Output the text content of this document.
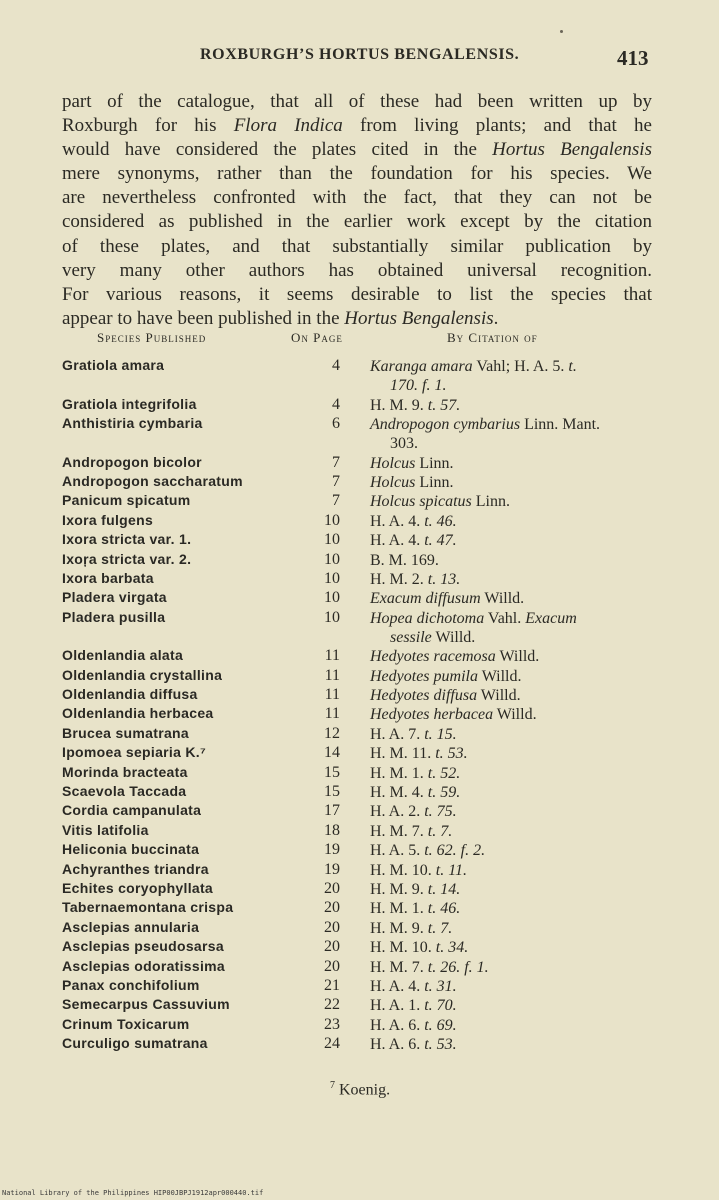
ROXBURGH’S HORTUS BENGALENSIS.	413
part of the catalogue, that all of these had been written up by
Roxburgh for his Flora Indica from living plants; and that he
would have considered the plates cited in the Hortus Bengalensis
mere synonyms, rather than the foundation for his species. We
are nevertheless confronted with the fact, that they can not be
considered as published in the earlier work except by the citation
of these plates, and that substantially similar publication by
very many other authors has obtained universal recognition.
For various reasons, it seems desirable to list the species that
appear to have been published in the Hortus Bengalensis.
Species Published	On Page	By Citation of
Gratiola amara	4 Karanga amara Vahl; H. A. 5. t.
170. f. 1.
Gratiola integrifolia	4 H. M. 9. t. 57.
Anthistiria cymbaria	6 Andropogon cymbarius Linn. Mant.
303.
Andropogon bicolor	7 Holcus Linn.
Andropogon saccharatum	7 Holcus Linn.
Panicum spicatum	7 Holcus spicatus Linn.
Ixora fulgens	10 H. A. 4. t. 46.
Ixora stricta var. 1.	10 H. A. 4. t. 47.
Ixoŗa stricta var. 2.	10 B. M. 169.
Ixora barbata	10 H. M. 2. t. 13.
Pladera virgata	10 Exacum diffusum Willd.
Pladera pusilla	10 Hopea dichotoma Vahl. Exacum
sessile Willd.
Oldenlandia alata	11 Hedyotes racemosa Willd.
Oldenlandia crystallina	11 Hedyotes pumila Willd.
Oldenlandia diffusa	11 Hedyotes diffusa Willd.
Oldenlandia herbacea	11 Hedyotes herbacea Willd.
Brucea sumatrana	12 H. A. 7. t. 15.
Ipomoea sepiaria K.⁷	14 H. M. 11. t. 53.
Morinda bracteata	15 H. M. 1. t. 52.
Scaevola Taccada	15 H. M. 4. t. 59.
Cordia campanulata	17 H. A. 2. t. 75.
Vitis latifolia	18 H. M. 7. t. 7.
Heliconia buccinata	19 H. A. 5. t. 62. f. 2.
Achyranthes triandra	19 H. M. 10. t. 11.
Echites coryophyllata	20 H. M. 9. t. 14.
Tabernaemontana crispa	20 H. M. 1. t. 46.
Asclepias annularia	20 H. M. 9. t. 7.
Asclepias pseudosarsa	20 H. M. 10. t. 34.
Asclepias odoratissima	20 H. M. 7. t. 26. f. 1.
Panax conchifolium	21 H. A. 4. t. 31.
Semecarpus Cassuvium	22 H. A. 1. t. 70.
Crinum Toxicarum	23 H. A. 6. t. 69.
Curculigo sumatrana	24 H. A. 6. t. 53.
$^7$ Koenig.
National Library of the Philippines HIP00JBPJ1912apr000440.tif
